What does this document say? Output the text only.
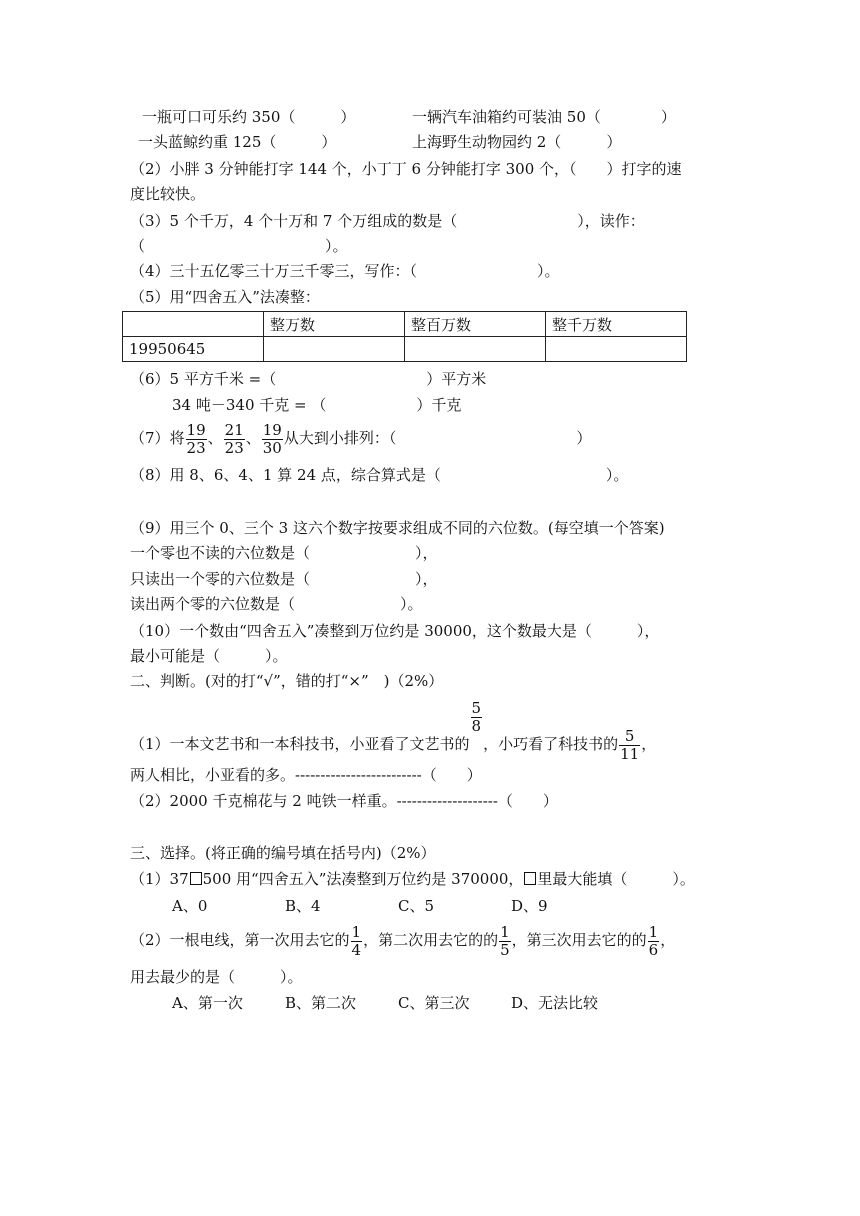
一瓶可口可乐约 350（　　　）	一辆汽车油箱约可装油 50（　　　　）
一头蓝鲸约重 125（　　　）	上海野生动物园约 2（　　　）
（2）小胖 3 分钟能打字 144 个，小丁丁 6 分钟能打字 300 个，（　　）打字的速
度比较快。
（3）5 个千万，4 个十万和 7 个万组成的数是（　　　　　　　　），读作：
（　　　　　　　　　　　　）。
（4）三十五亿零三十万三千零三，写作：（　　　　　　　　）。
（5）用“四舍五入”法凑整：
	整万数	整百万数	整千万数
19950645			
（6）5 平方千米 =（　　　　　　　　　　）平方米
34 吨－340 千克 = （　　　　　　）千克
（7）将 $\frac{19}{23}$ 、 $\frac{21}{23}$ 、 $\frac{19}{30}$ 从大到小排列：（　　　　　　　　　　　　）
（8）用 8、6、4、1 算 24 点，综合算式是（　　　　　　　　　　　）。
（9）用三个 0、三个 3 这六个数字按要求组成不同的六位数。(每空填一个答案)
一个零也不读的六位数是（　　　　　　　），
只读出一个零的六位数是（　　　　　　　），
读出两个零的六位数是（　　　　　　　）。
（10）一个数由“四舍五入”凑整到万位约是 30000，这个数最大是（　　　），
最小可能是（　　　）。
二、判断。(对的打“√”，错的打“×”　)（2%）
（1）一本文艺书和一本科技书，小亚看了文艺书的
$\frac{5}{8}$
，小巧看了科技书的 $\frac{5}{11}$ ，
两人相比，小亚看的多。-------------------------（　　）
（2）2000 千克棉花与 2 吨铁一样重。--------------------（　　）
三、选择。(将正确的编号填在括号内)（2%）
（1）37 500 用“四舍五入”法凑整到万位约是 370000， 里最大能填（　　　）。
A、0	B、4	C、5	D、9
（2）一根电线，第一次用去它的 $\frac{1}{4}$ ，第二次用去它的的 $\frac{1}{5}$ ，第三次用去它的的 $\frac{1}{6}$ ，
用去最少的是（　　　）。
A、第一次	B、第二次	C、第三次	D、无法比较
